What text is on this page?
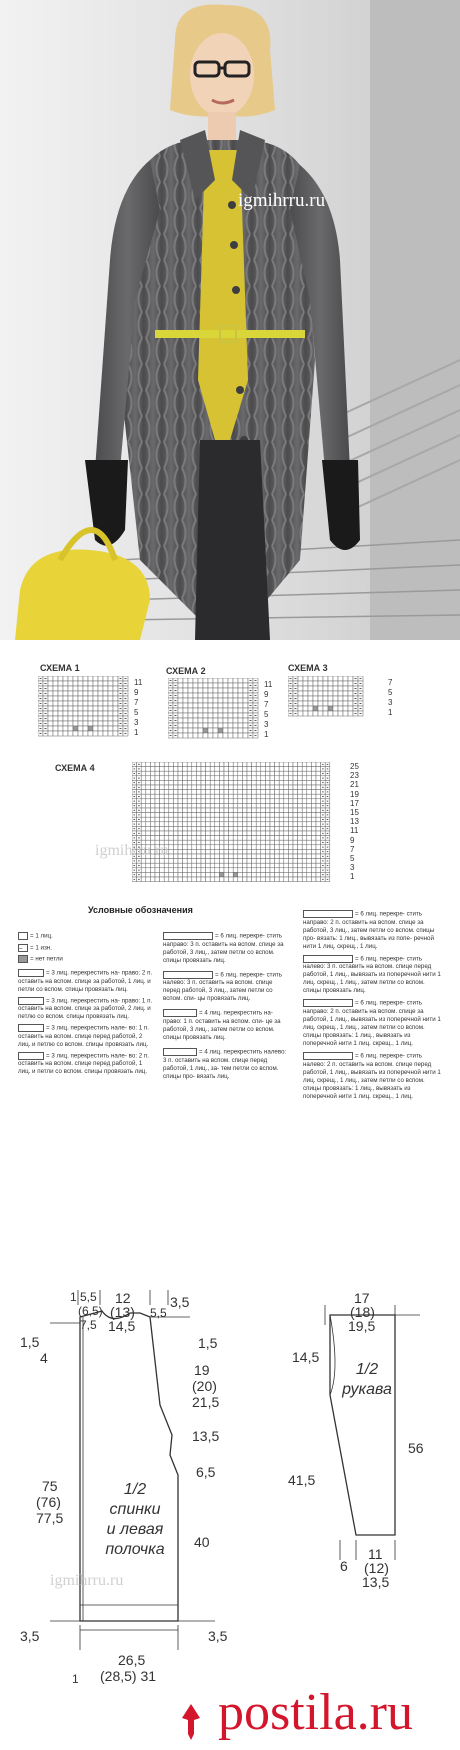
igmihrru.ru
СХЕМА 1	СХЕМА 2	СХЕМА 3
СХЕМА 4
11
9
7
5
3
1
11
9
7
5
3
1
7
5
3
1
25
23
21
19
17
15
13
11
9
7
5
3
1
igmihrru.ru
Условные обозначения
= 1 лиц.
– = 1 изн.
= нет петли
= 3 лиц. перекрестить на- право: 2 п. оставить на вспом. спице за работой, 1 лиц. и петли со вспом. спицы провязать лиц.
= 3 лиц. перекрестить на- право: 1 п. оставить на вспом. спице за работой, 2 лиц. и петлю со вспом. спицы провязать лиц.
= 3 лиц. перекрестить нале- во: 1 п. оставить на вспом. спице перед работой, 2 лиц. и петлю со вспом. спицы провязать лиц.
= 3 лиц. перекрестить нале- во: 2 п. оставить на вспом. спице перед работой, 1 лиц. и петли со вспом. спицы провязать лиц.
= 6 лиц. перекре- стить направо: 3 п. оставить на вспом. спице за работой, 3 лиц., затем петли со вспом. спицы провязать лиц.
= 6 лиц. перекре- стить налево: 3 п. оставить на вспом. спице перед работой, 3 лиц., затем петли со вспом. спи- цы провязать лиц.
= 4 лиц. перекрестить на- право: 1 п. оставить на вспом. спи- це за работой, 3 лиц., затем петли со вспом. спицы провязать лиц.
= 4 лиц. перекрестить налево: 3 п. оставить на вспом. спице перед работой, 1 лиц., за- тем петли со вспом. спицы про- вязать лиц.
= 6 лиц. перекре- стить направо: 2 п. оставить на вспом. спице за работой, 3 лиц., затем петли со вспом. спицы про- вязать: 1 лиц., вывязать из попе- речной нити 1 лиц. скрещ., 1 лиц.
= 6 лиц. перекре- стить налево: 3 п. оставить на вспом. спице перед работой, 1 лиц., вывязать из поперечной нити 1 лиц. скрещ., 1 лиц., затем петли со вспом. спицы провязать лиц.
= 6 лиц. перекре- стить направо: 2 п. оставить на вспом. спице за работой, 1 лиц., вывязать из поперечной нити 1 лиц. скрещ., 1 лиц., затем петли со вспом. спицы провязать: 1 лиц., вывязать из поперечной нити 1 лиц. скрещ., 1 лиц.
= 6 лиц. перекре- стить налево: 2 п. оставить на вспом. спице перед работой, 1 лиц., вывязать из поперечной нити 1 лиц. скрещ., 1 лиц., затем петли со вспом. спицы провязать: 1 лиц., вывязать из поперечной нити 1 лиц. скрещ., 1 лиц.
1 5,5
(6,5)
7,5
12
(13)
14,5
5,5
3,5
1,5
4
1,5
19
(20)
21,5
13,5
6,5
40
75
(76)
77,5
3,5	3,5
26,5
(28,5) 31
1
1/2
спинки
и левая
полочка
igmihrru.ru
17
(18)
19,5
14,5
41,5
56
6
11
(12)
13,5
1/2
рукава
postila.ru
